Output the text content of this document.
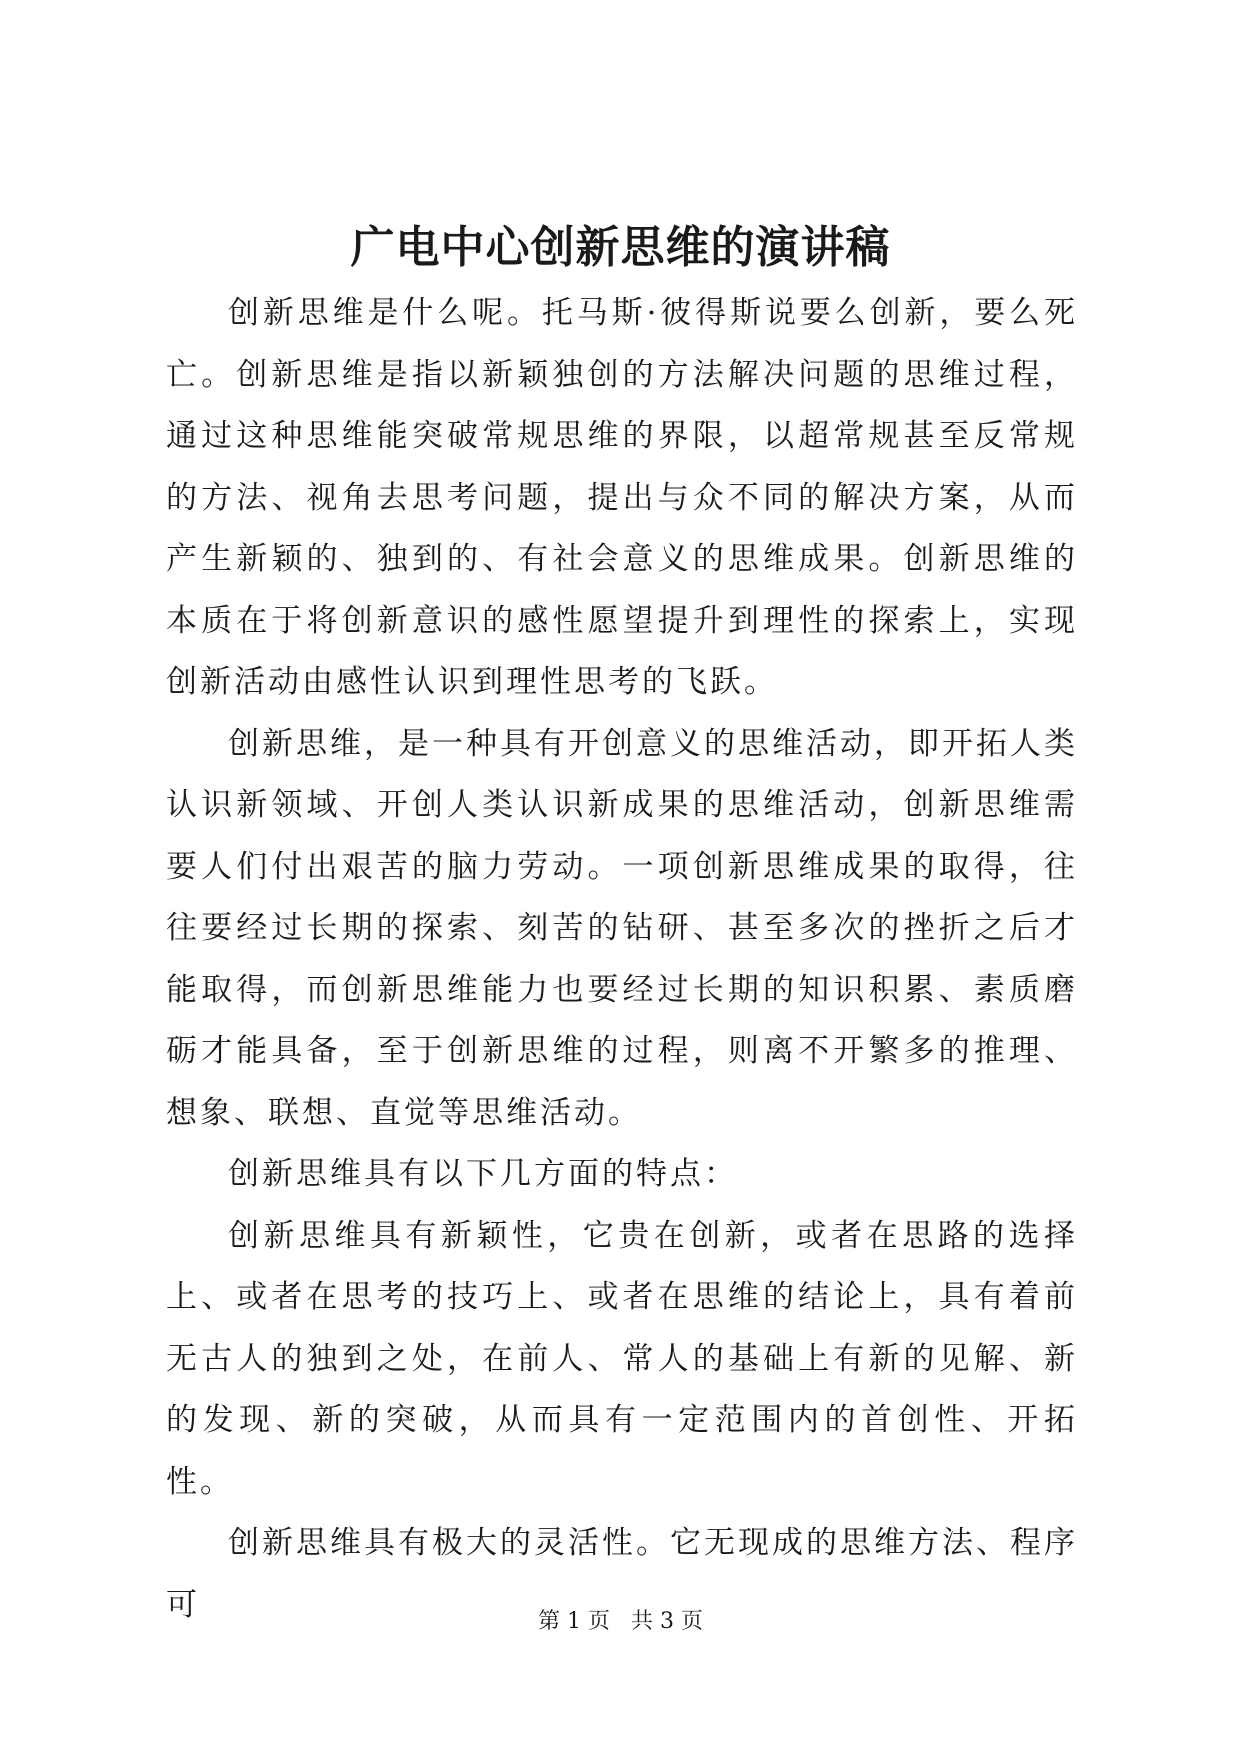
广电中心创新思维的演讲稿

创新思维是什么呢。托马斯·彼得斯说要么创新，要么死亡。创新思维是指以新颖独创的方法解决问题的思维过程，通过这种思维能突破常规思维的界限，以超常规甚至反常规的方法、视角去思考问题，提出与众不同的解决方案，从而产生新颖的、独到的、有社会意义的思维成果。创新思维的本质在于将创新意识的感性愿望提升到理性的探索上，实现创新活动由感性认识到理性思考的飞跃。

创新思维，是一种具有开创意义的思维活动，即开拓人类认识新领域、开创人类认识新成果的思维活动，创新思维需要人们付出艰苦的脑力劳动。一项创新思维成果的取得，往往要经过长期的探索、刻苦的钻研、甚至多次的挫折之后才能取得，而创新思维能力也要经过长期的知识积累、素质磨砺才能具备，至于创新思维的过程，则离不开繁多的推理、想象、联想、直觉等思维活动。

创新思维具有以下几方面的特点：

创新思维具有新颖性，它贵在创新，或者在思路的选择上、或者在思考的技巧上、或者在思维的结论上，具有着前无古人的独到之处，在前人、常人的基础上有新的见解、新的发现、新的突破，从而具有一定范围内的首创性、开拓性。

创新思维具有极大的灵活性。它无现成的思维方法、程序可	第 1 页 共 3 页
